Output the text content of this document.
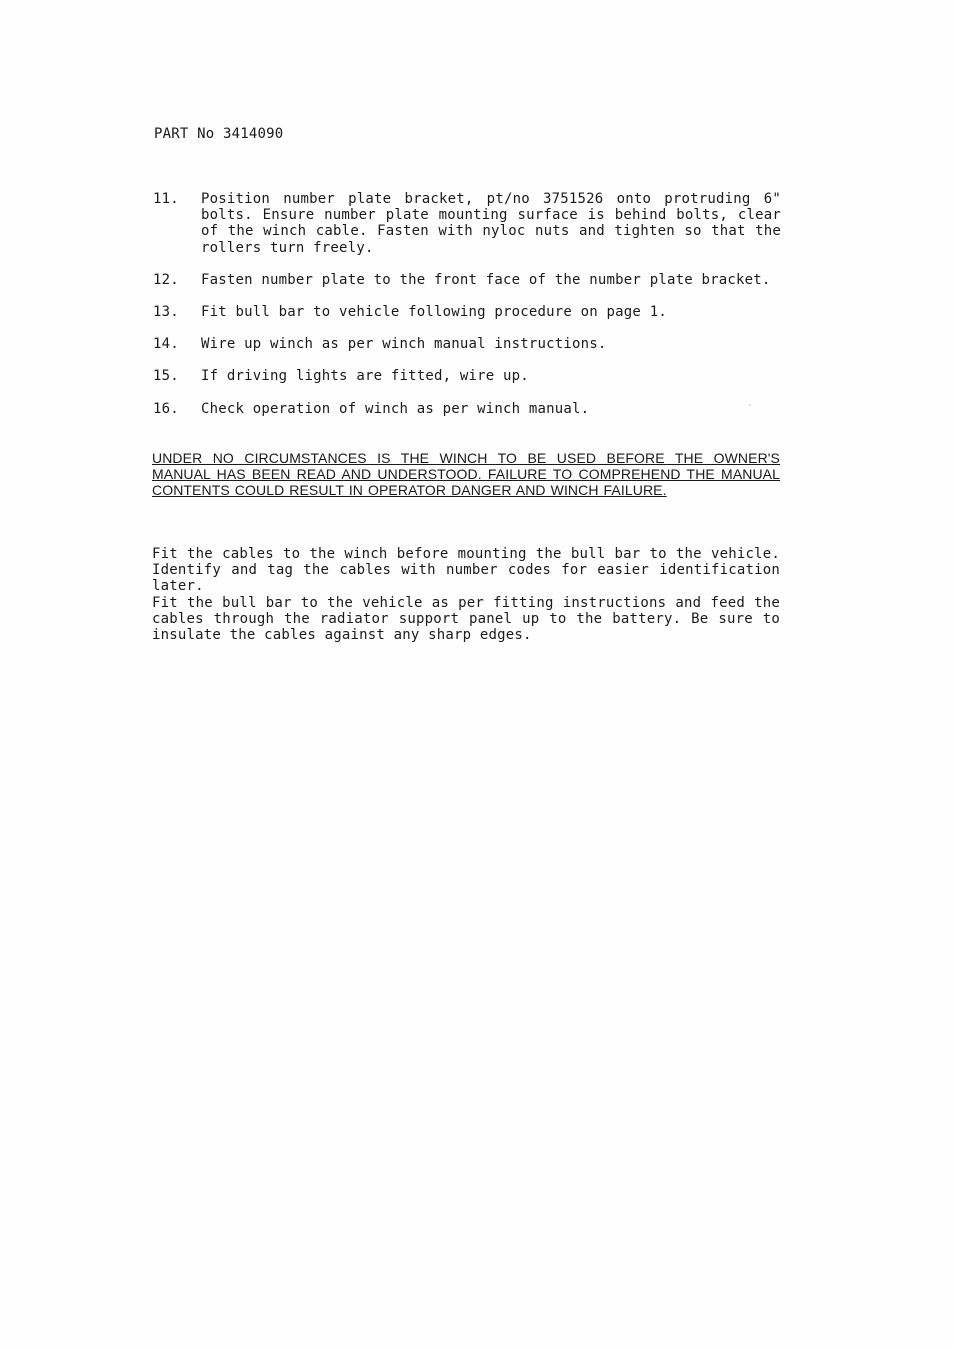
PART No 3414090
11.	Position number plate bracket, pt/no 3751526 onto protruding 6" bolts. Ensure number plate mounting surface is behind bolts, clear of the winch cable. Fasten with nyloc nuts and tighten so that the rollers turn freely.
12.	Fasten number plate to the front face of the number plate bracket.
13.	Fit bull bar to vehicle following procedure on page 1.
14.	Wire up winch as per winch manual instructions.
15.	If driving lights are fitted, wire up.
16.	Check operation of winch as per winch manual.
UNDER NO CIRCUMSTANCES IS THE WINCH TO BE USED BEFORE THE OWNER'S MANUAL HAS BEEN READ AND UNDERSTOOD. FAILURE TO COMPREHEND THE MANUAL CONTENTS COULD RESULT IN OPERATOR DANGER AND WINCH FAILURE.
Fit the cables to the winch before mounting the bull bar to the vehicle. Identify and tag the cables with number codes for easier identification later.
Fit the bull bar to the vehicle as per fitting instructions and feed the cables through the radiator support panel up to the battery. Be sure to insulate the cables against any sharp edges.
